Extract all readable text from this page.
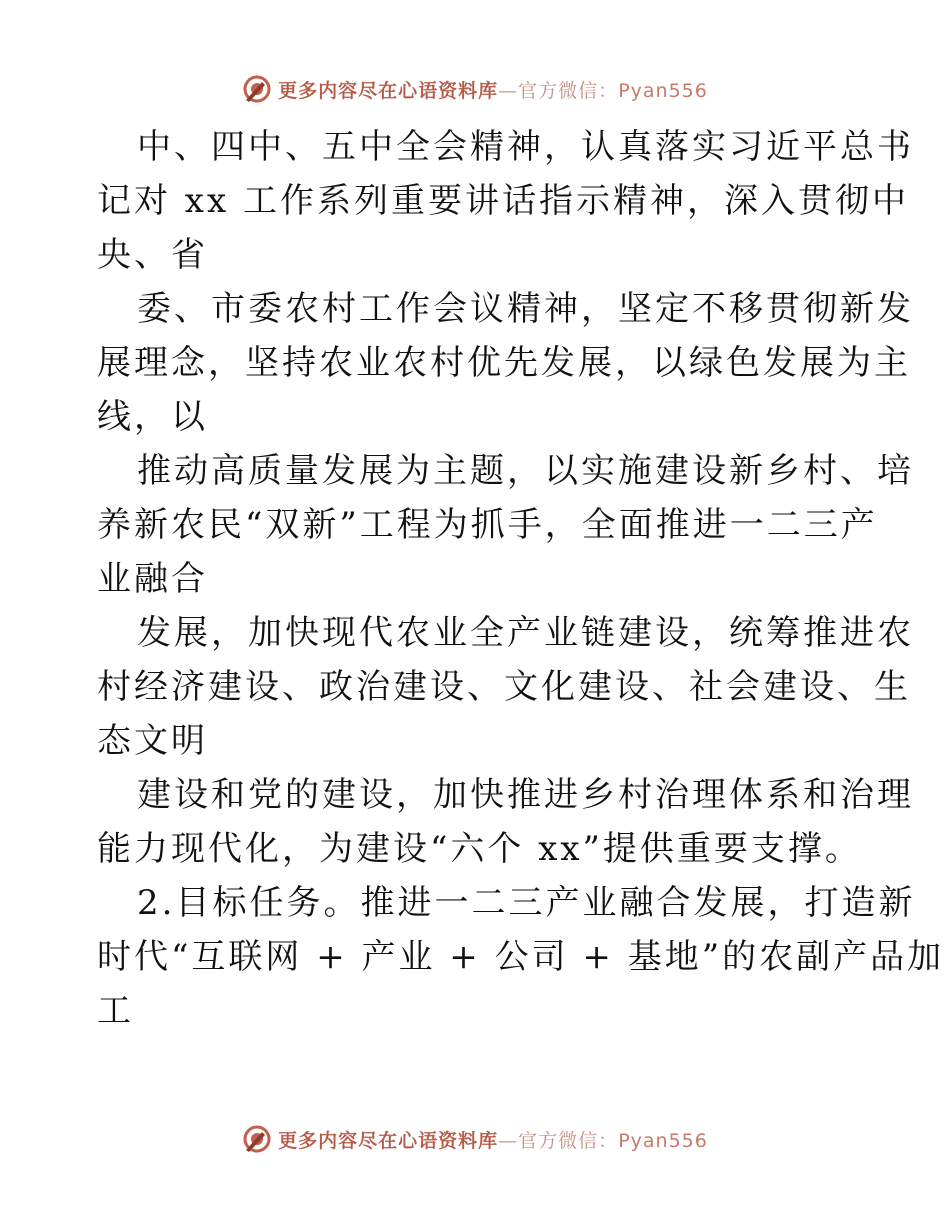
更多内容尽在心语资料库—官方微信：Pyan556
中、四中、五中全会精神，认真落实习近平总书
记对 xx 工作系列重要讲话指示精神，深入贯彻中
央、省
委、市委农村工作会议精神，坚定不移贯彻新发
展理念，坚持农业农村优先发展，以绿色发展为主
线，以
推动高质量发展为主题，以实施建设新乡村、培
养新农民“双新”工程为抓手，全面推进一二三产
业融合
发展，加快现代农业全产业链建设，统筹推进农
村经济建设、政治建设、文化建设、社会建设、生
态文明
建设和党的建设，加快推进乡村治理体系和治理
能力现代化，为建设“六个 xx”提供重要支撑。
2.目标任务。推进一二三产业融合发展，打造新
时代“互联网 + 产业 + 公司 + 基地”的农副产品加
工
更多内容尽在心语资料库—官方微信：Pyan556
